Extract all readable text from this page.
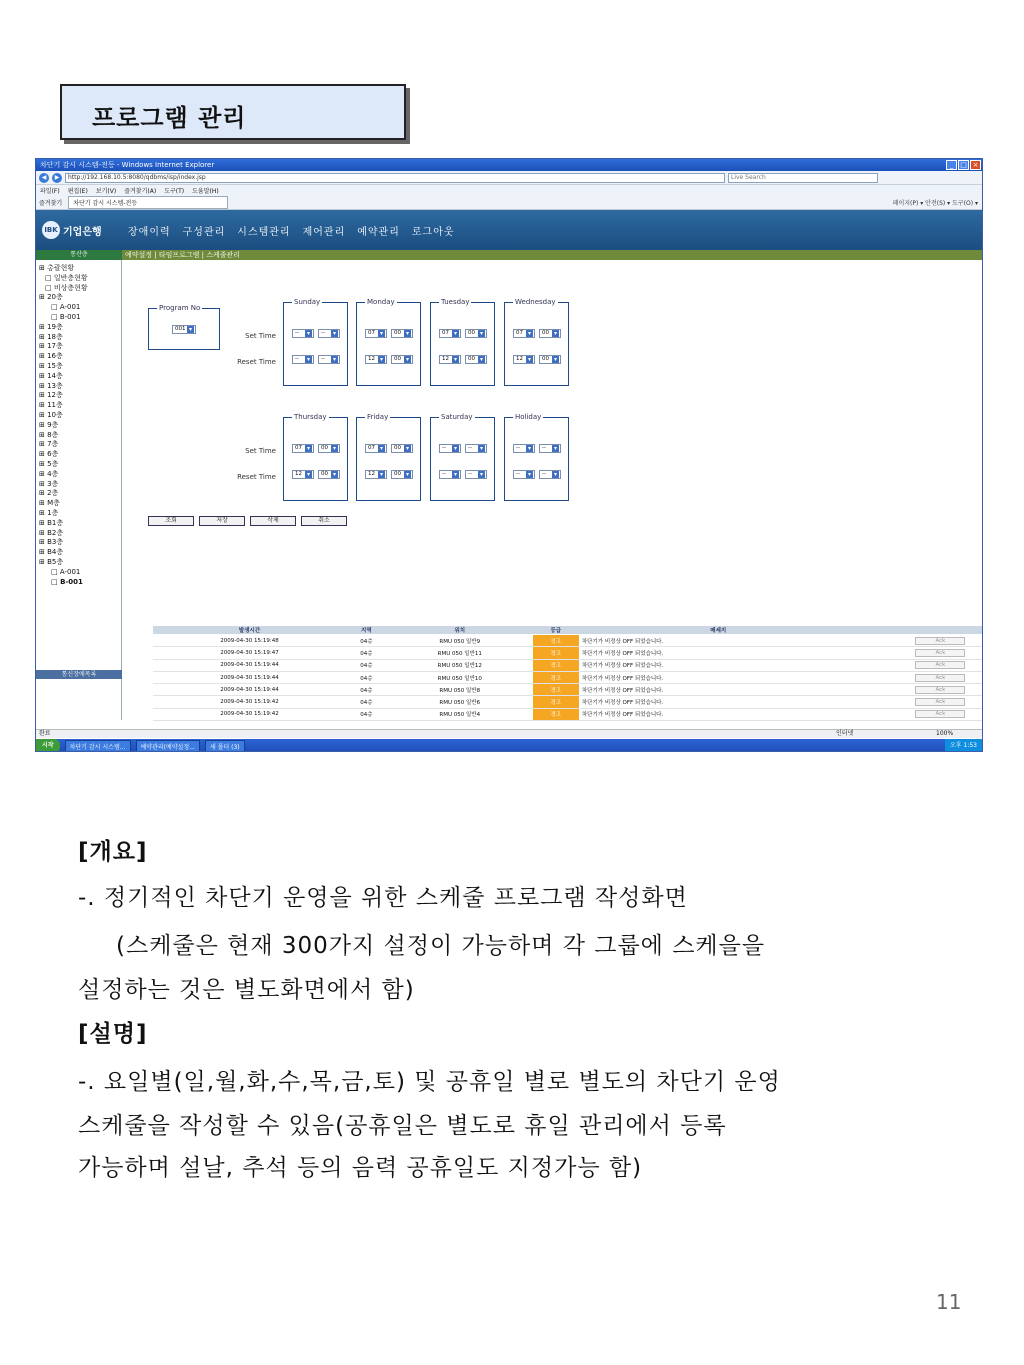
프로그램 관리
차단기 감시 시스템-전등 - Windows Internet Explorer	_ □ ×
◀	▶	http://192.168.10.5:8080/qdbms/isp/index.jsp	Live Search
파일(F) 편집(E) 보기(V) 즐겨찾기(A) 도구(T) 도움말(H)
즐겨찾기	차단기 감시 시스템-전등	페이지(P) ▾ 안전(S) ▾ 도구(O) ▾
IBK 기업은행	장애이력 구성관리 시스템관리 제어관리 예약관리 로그아웃
통산층	예약설정 | 타임프로그램 | 스케줄관리
⊞ 총괄현황
□ 일반층현황
□ 비상층현황
⊞ 20층
□ A-001
□ B-001
⊞ 19층
⊞ 18층
⊞ 17층
⊞ 16층
⊞ 15층
⊞ 14층
⊞ 13층
⊞ 12층
⊞ 11층
⊞ 10층
⊞ 9층
⊞ 8층
⊞ 7층
⊞ 6층
⊞ 5층
⊞ 4층
⊞ 3층
⊞ 2층
⊞ M층
⊞ 1층
⊞ B1층
⊞ B2층
⊞ B3층
⊞ B4층
⊞ B5층
□ A-001
□ B-001
통신장애목록
Program No
001 ▾
Set Time
Reset Time
Set Time
Reset Time
조회	저장	삭제	취소
발생시간	지역	위치	등급	메세지	
2009-04-30 15:19:48	04층	RMU 050 일반9	경고	차단기가 비정상 OFF 되었습니다.	Ack
2009-04-30 15:19:47	04층	RMU 050 일반11	경고	차단기가 비정상 OFF 되었습니다.	Ack
2009-04-30 15:19:44	04층	RMU 050 일반12	경고	차단기가 비정상 OFF 되었습니다.	Ack
2009-04-30 15:19:44	04층	RMU 050 일반10	경고	차단기가 비정상 OFF 되었습니다.	Ack
2009-04-30 15:19:44	04층	RMU 050 일반8	경고	차단기가 비정상 OFF 되었습니다.	Ack
2009-04-30 15:19:42	04층	RMU 050 일반6	경고	차단기가 비정상 OFF 되었습니다.	Ack
2009-04-30 15:19:42	04층	RMU 050 일반4	경고	차단기가 비정상 OFF 되었습니다.	Ack
Sunday
-- ▾	-- ▾
-- ▾	-- ▾
Monday
07 ▾	00 ▾
12 ▾	00 ▾
Tuesday
07 ▾	00 ▾
12 ▾	00 ▾
Wednesday
07 ▾	00 ▾
12 ▾	00 ▾
Thursday
07 ▾	00 ▾
12 ▾	00 ▾
Friday
07 ▾	00 ▾
12 ▾	00 ▾
Saturday
-- ▾	-- ▾
-- ▾	-- ▾
Holiday
-- ▾	-- ▾
-- ▾	-- ▾
완료	인터넷	100%
시작	차단기 감시 시스템...	예약관리(예약설정...	새 폴더 (3)	오후 1:53
[개요]
-. 정기적인 차단기 운영을 위한 스케줄 프로그램 작성화면
(스케줄은 현재 300가지 설정이 가능하며 각 그룹에 스케을을
설정하는 것은 별도화면에서 함)
[설명]
-. 요일별(일,월,화,수,목,금,토) 및 공휴일 별로 별도의 차단기 운영
스케줄을 작성할 수 있음(공휴일은 별도로 휴일 관리에서 등록
가능하며 설날, 추석 등의 음력 공휴일도 지정가능 함)
11
